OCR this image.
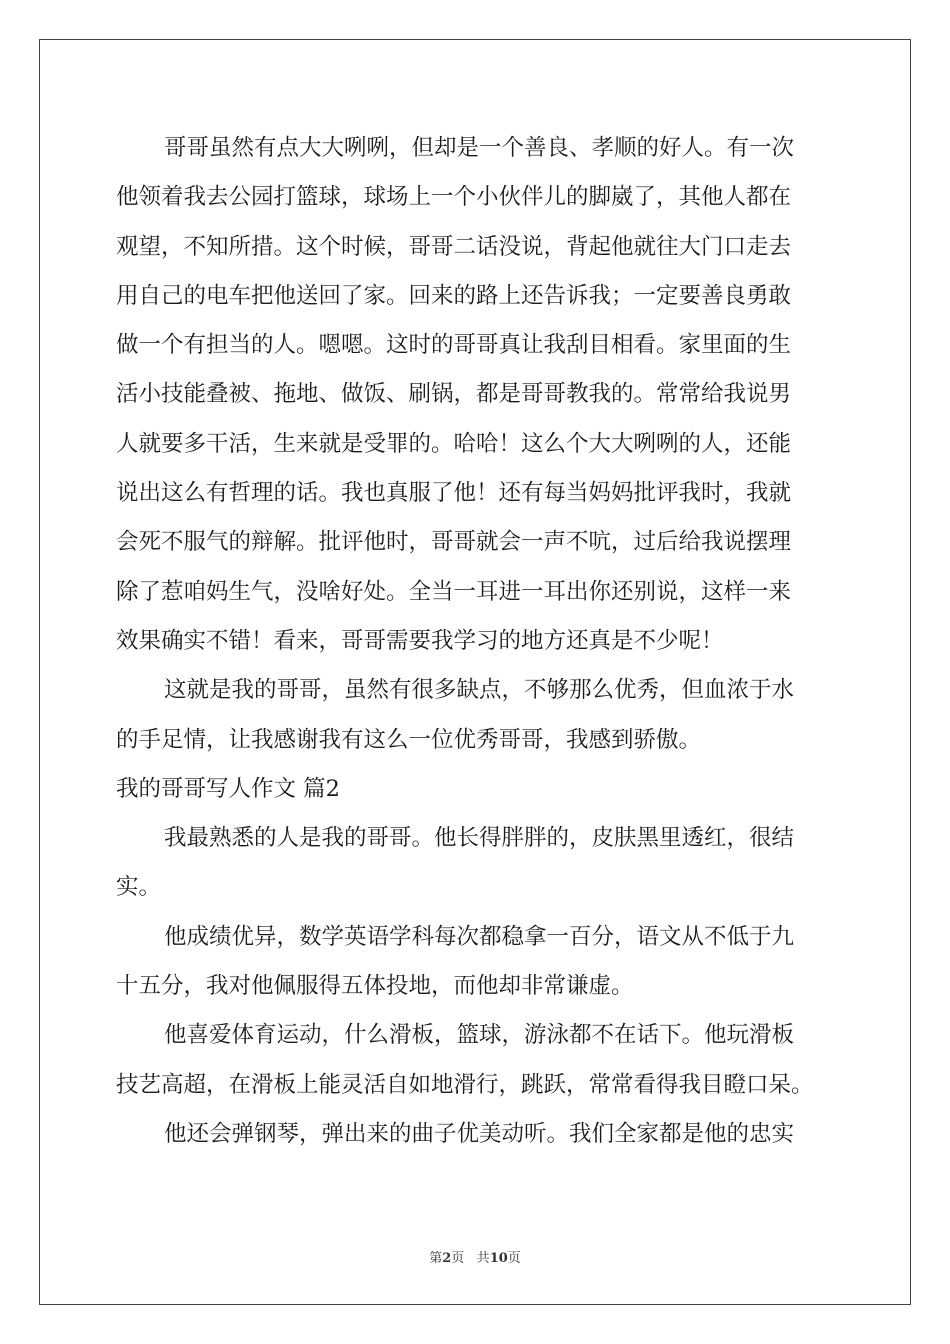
哥哥虽然有点大大咧咧，但却是一个善良、孝顺的好人。有一次
他领着我去公园打篮球，球场上一个小伙伴儿的脚崴了，其他人都在
观望，不知所措。这个时候，哥哥二话没说，背起他就往大门口走去
用自己的电车把他送回了家。回来的路上还告诉我；一定要善良勇敢
做一个有担当的人。嗯嗯。这时的哥哥真让我刮目相看。家里面的生
活小技能叠被、拖地、做饭、刷锅，都是哥哥教我的。常常给我说男
人就要多干活，生来就是受罪的。哈哈！这么个大大咧咧的人，还能
说出这么有哲理的话。我也真服了他！还有每当妈妈批评我时，我就
会死不服气的辩解。批评他时，哥哥就会一声不吭，过后给我说摆理
除了惹咱妈生气，没啥好处。全当一耳进一耳出你还别说，这样一来
效果确实不错！看来，哥哥需要我学习的地方还真是不少呢！
这就是我的哥哥，虽然有很多缺点，不够那么优秀，但血浓于水
的手足情，让我感谢我有这么一位优秀哥哥，我感到骄傲。
我的哥哥写人作文 篇2
我最熟悉的人是我的哥哥。他长得胖胖的，皮肤黑里透红，很结
实。
他成绩优异，数学英语学科每次都稳拿一百分，语文从不低于九
十五分，我对他佩服得五体投地，而他却非常谦虚。
他喜爱体育运动，什么滑板，篮球，游泳都不在话下。他玩滑板
技艺高超，在滑板上能灵活自如地滑行，跳跃，常常看得我目瞪口呆。
他还会弹钢琴，弹出来的曲子优美动听。我们全家都是他的忠实
第2页 共10页
